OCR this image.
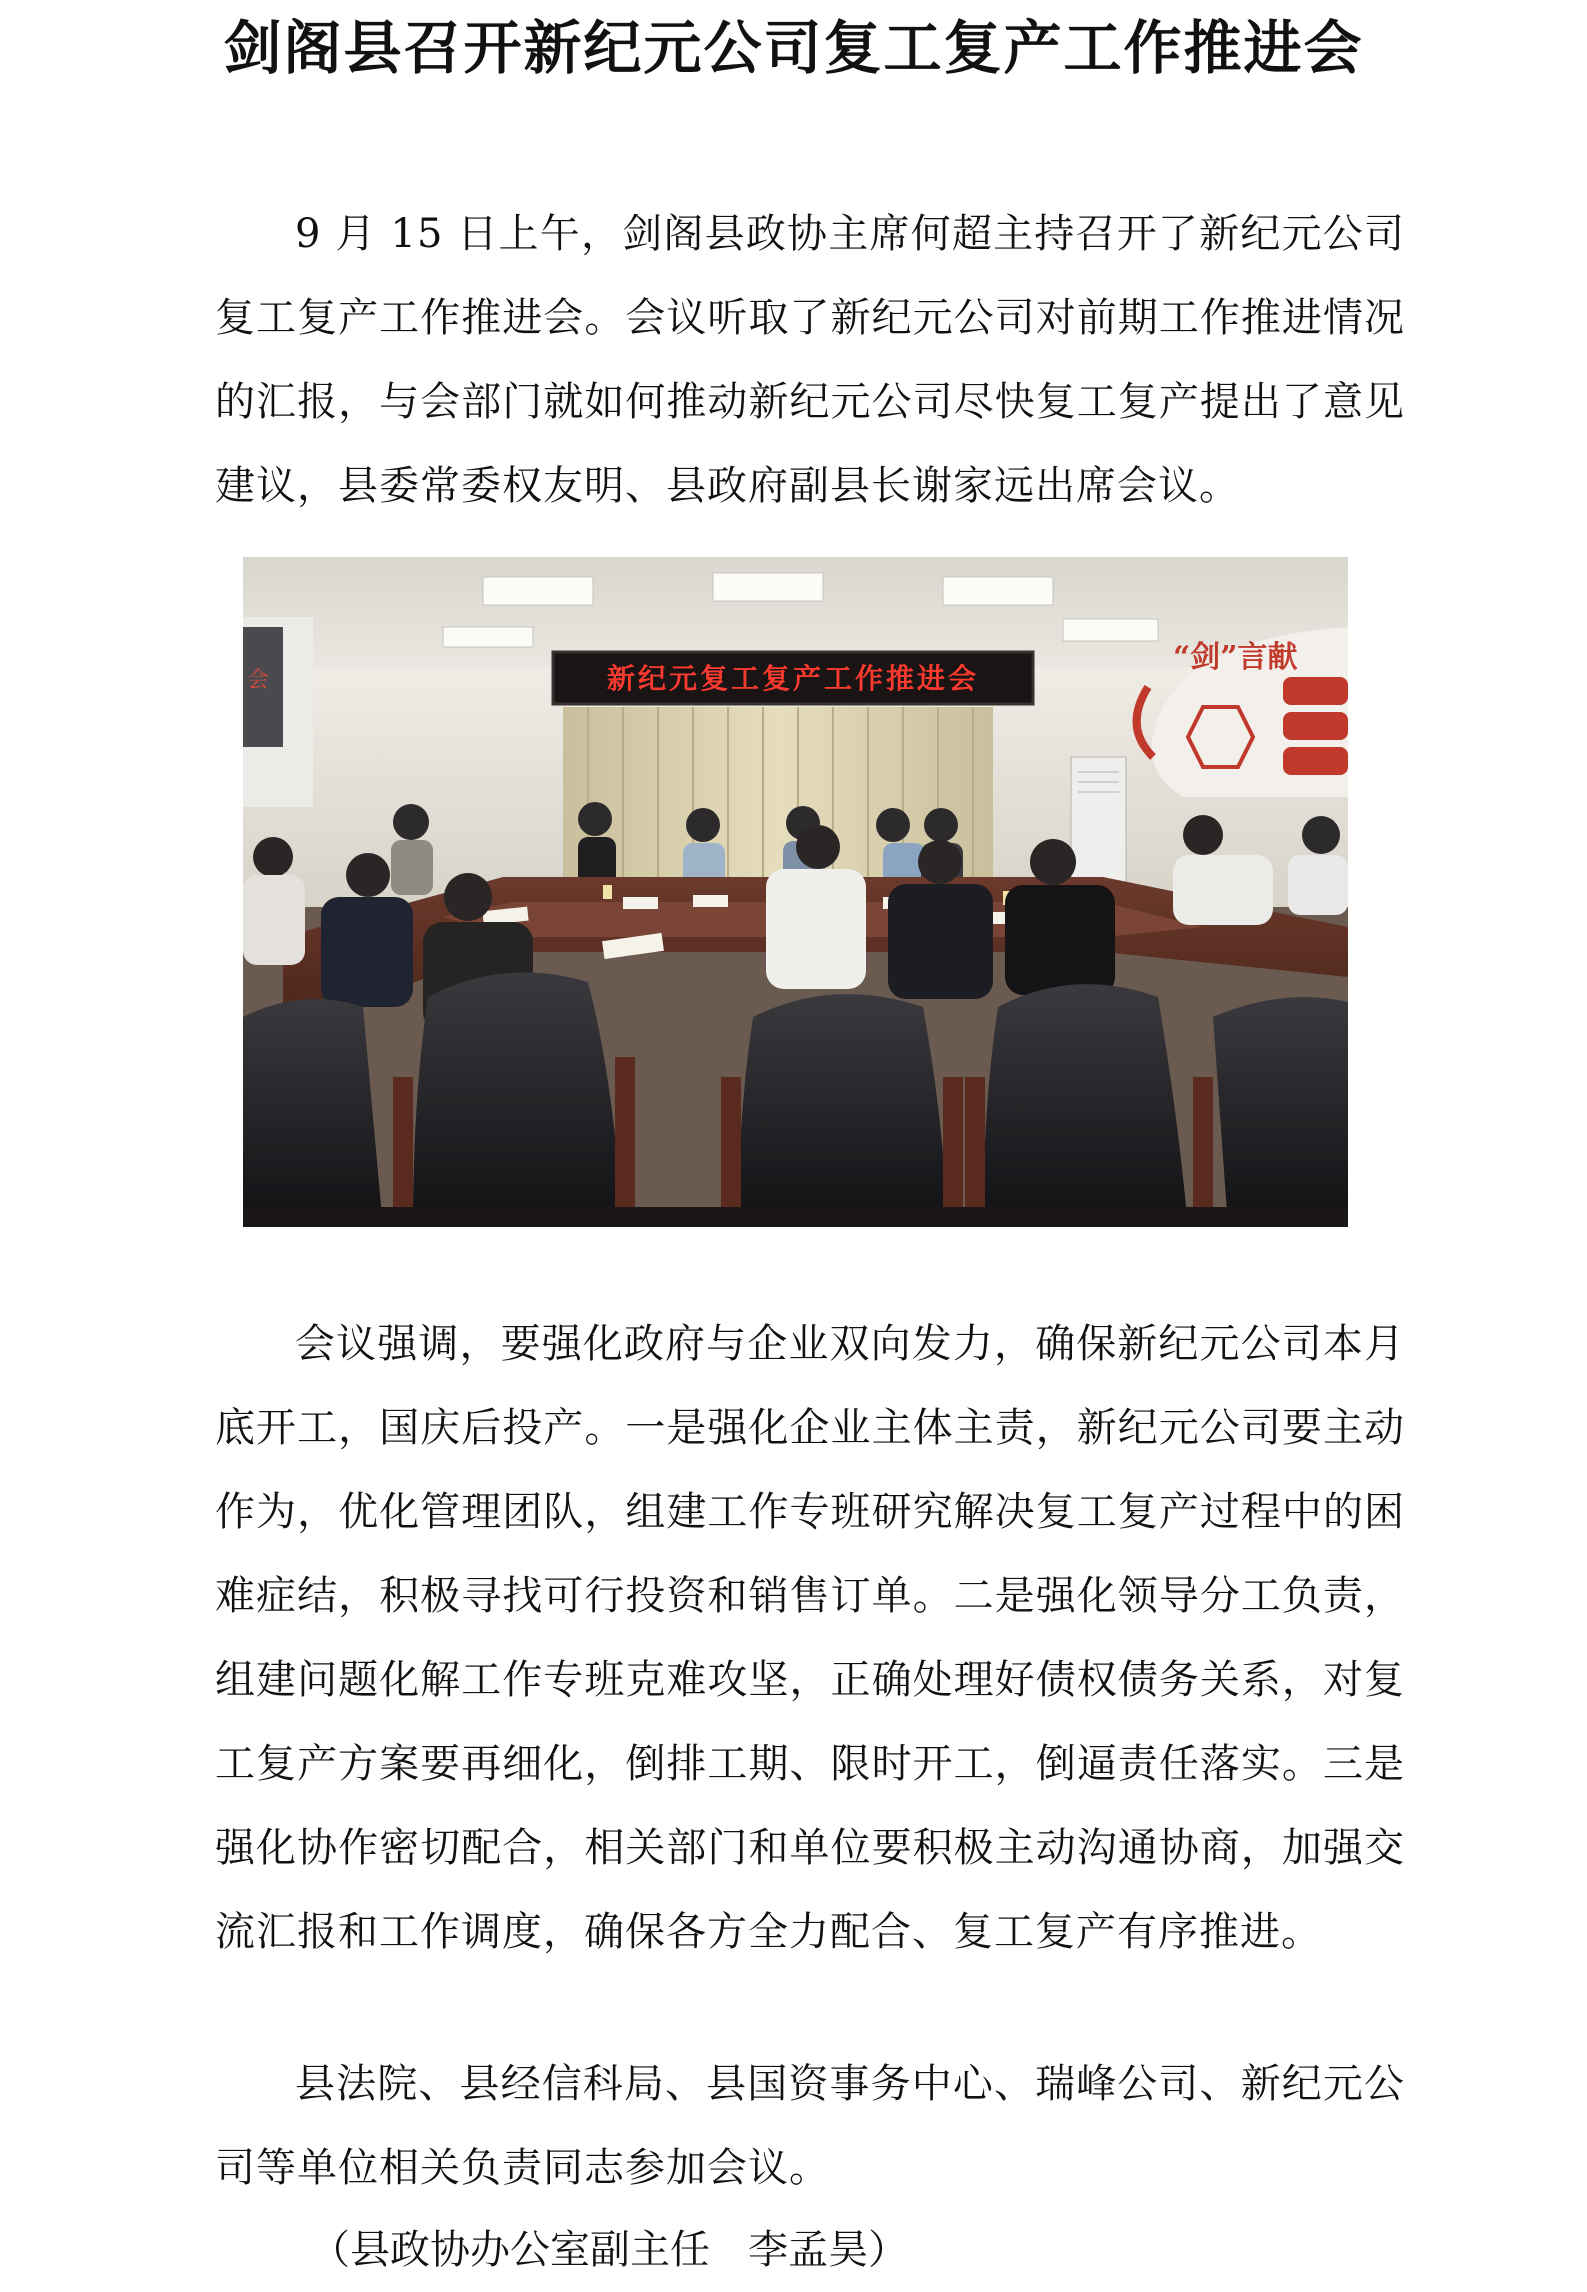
剑阁县召开新纪元公司复工复产工作推进会

9 月 15 日上午，剑阁县政协主席何超主持召开了新纪元公司复工复产工作推进会。会议听取了新纪元公司对前期工作推进情况的汇报，与会部门就如何推动新纪元公司尽快复工复产提出了意见建议，县委常委权友明、县政府副县长谢家远出席会议。

会	新纪元复工复产工作推进会
“剑”言献

会议强调，要强化政府与企业双向发力，确保新纪元公司本月底开工，国庆后投产。一是强化企业主体主责，新纪元公司要主动作为，优化管理团队，组建工作专班研究解决复工复产过程中的困难症结，积极寻找可行投资和销售订单。二是强化领导分工负责，组建问题化解工作专班克难攻坚，正确处理好债权债务关系，对复工复产方案要再细化，倒排工期、限时开工，倒逼责任落实。三是强化协作密切配合，相关部门和单位要积极主动沟通协商，加强交流汇报和工作调度，确保各方全力配合、复工复产有序推进。

县法院、县经信科局、县国资事务中心、瑞峰公司、新纪元公司等单位相关负责同志参加会议。

（县政协办公室副主任   李孟昊）
